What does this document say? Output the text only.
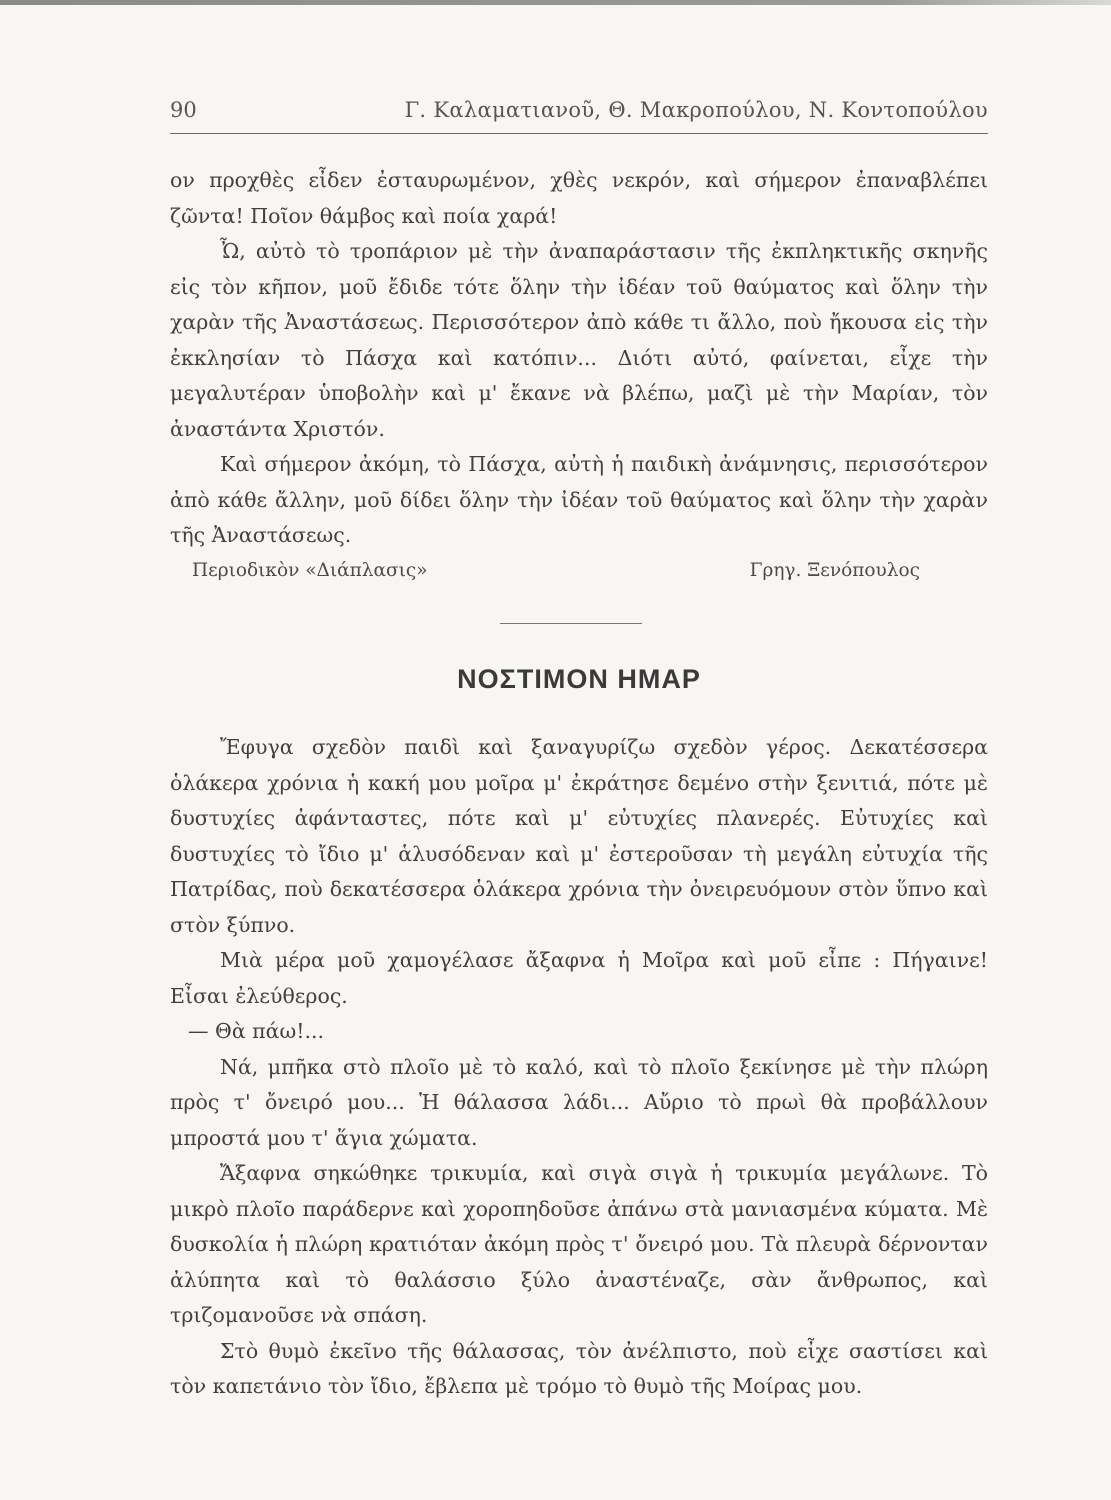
90	Γ. Καλαματιανοῦ, Θ. Μακροπούλου, Ν. Κοντοπούλου

ον προχθὲς εἶδεν ἐσταυρωμένον, χθὲς νεκρόν, καὶ σήμερον ἐπαναβλέπει ζῶντα! Ποῖον θάμβος καὶ ποία χαρά!

Ὦ, αὐτὸ τὸ τροπάριον μὲ τὴν ἀναπαράστασιν τῆς ἐκπληκτικῆς σκηνῆς εἰς τὸν κῆπον, μοῦ ἔδιδε τότε ὅλην τὴν ἰδέαν τοῦ θαύματος καὶ ὅλην τὴν χαρὰν τῆς Ἀναστάσεως. Περισσότερον ἀπὸ κάθε τι ἄλλο, ποὺ ἤκουσα εἰς τὴν ἐκκλησίαν τὸ Πάσχα καὶ κατόπιν... Διότι αὐτό, φαίνεται, εἶχε τὴν μεγαλυτέραν ὑποβολὴν καὶ μ' ἔκανε νὰ βλέπω, μαζὶ μὲ τὴν Μαρίαν, τὸν ἀναστάντα Χριστόν.

Καὶ σήμερον ἀκόμη, τὸ Πάσχα, αὐτὴ ἡ παιδικὴ ἀνάμνησις, περισσότερον ἀπὸ κάθε ἄλλην, μοῦ δίδει ὅλην τὴν ἰδέαν τοῦ θαύματος καὶ ὅλην τὴν χαρὰν τῆς Ἀναστάσεως.

Περιοδικὸν «Διάπλασις»	Γρηγ. Ξενόπουλος
ΝΟΣΤΙΜΟΝ ΗΜΑΡ

Ἔφυγα σχεδὸν παιδὶ καὶ ξαναγυρίζω σχεδὸν γέρος. Δεκατέσσερα ὁλάκερα χρόνια ἡ κακή μου μοῖρα μ' ἐκράτησε δεμένο στὴν ξενιτιά, πότε μὲ δυστυχίες ἀφάνταστες, πότε καὶ μ' εὐτυχίες πλανερές. Εὐτυχίες καὶ δυστυχίες τὸ ἴδιο μ' ἁλυσόδεναν καὶ μ' ἐστεροῦσαν τὴ μεγάλη εὐτυχία τῆς Πατρίδας, ποὺ δεκατέσσερα ὁλάκερα χρόνια τὴν ὀνειρευόμουν στὸν ὕπνο καὶ στὸν ξύπνο.

Μιὰ μέρα μοῦ χαμογέλασε ἄξαφνα ἡ Μοῖρα καὶ μοῦ εἶπε : Πήγαινε! Εἶσαι ἐλεύθερος.

— Θὰ πάω!...

Νά, μπῆκα στὸ πλοῖο μὲ τὸ καλό, καὶ τὸ πλοῖο ξεκίνησε μὲ τὴν πλώρη πρὸς τ' ὄνειρό μου... Ἡ θάλασσα λάδι... Αὔριο τὸ πρωὶ θὰ προβάλλουν μπροστά μου τ' ἅγια χώματα.

Ἄξαφνα σηκώθηκε τρικυμία, καὶ σιγὰ σιγὰ ἡ τρικυμία μεγάλωνε. Τὸ μικρὸ πλοῖο παράδερνε καὶ χοροπηδοῦσε ἀπάνω στὰ μανιασμένα κύματα. Μὲ δυσκολία ἡ πλώρη κρατιόταν ἀκόμη πρὸς τ' ὄνειρό μου. Τὰ πλευρὰ δέρνονταν ἀλύπητα καὶ τὸ θαλάσσιο ξύλο ἀναστέναζε, σὰν ἄνθρωπος, καὶ τριζομανοῦσε νὰ σπάση.

Στὸ θυμὸ ἐκεῖνο τῆς θάλασσας, τὸν ἀνέλπιστο, ποὺ εἶχε σαστίσει καὶ τὸν καπετάνιο τὸν ἴδιο, ἔβλεπα μὲ τρόμο τὸ θυμὸ τῆς Μοίρας μου.
